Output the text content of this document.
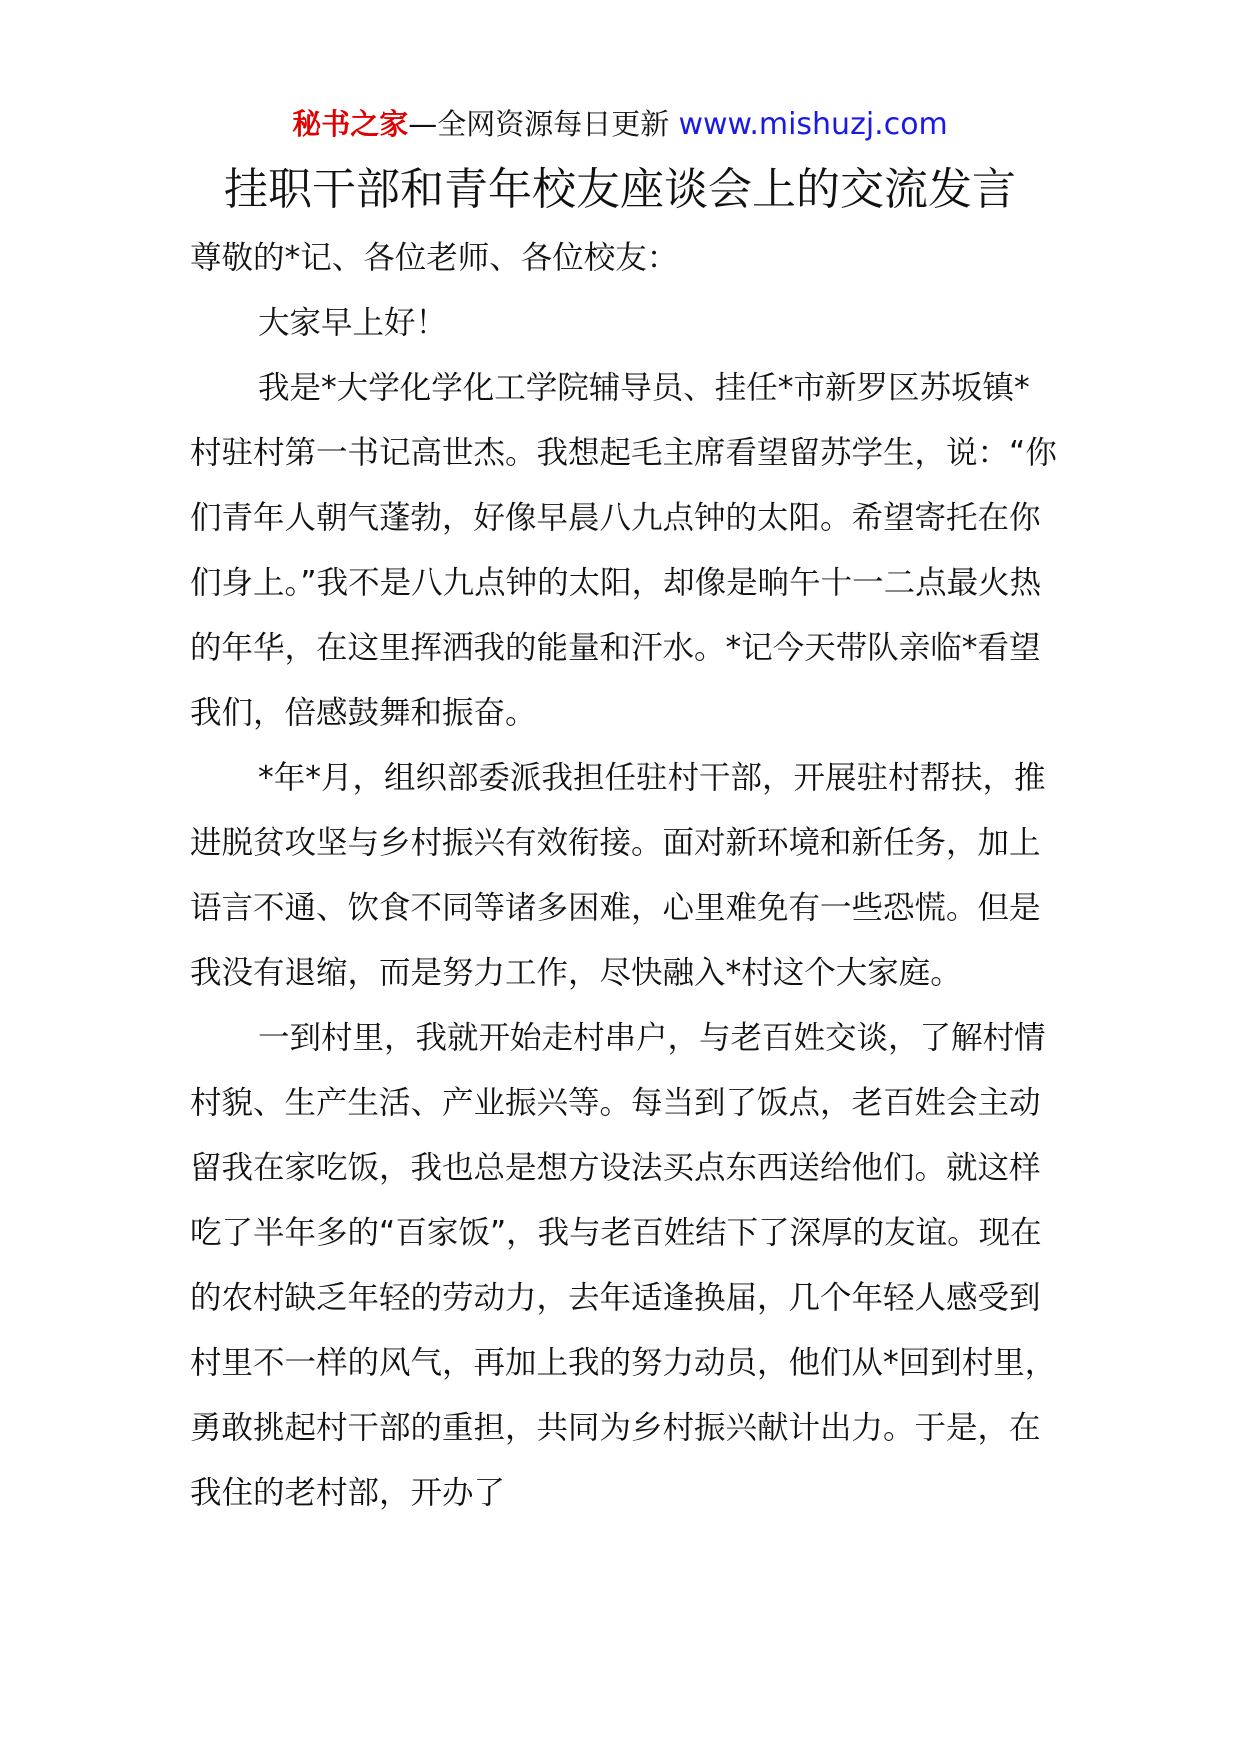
秘书之家—全网资源每日更新 www.mishuzj.com
挂职干部和青年校友座谈会上的交流发言

尊敬的*记、各位老师、各位校友：

大家早上好！

我是*大学化学化工学院辅导员、挂任*市新罗区苏坂镇*村驻村第一书记高世杰。我想起毛主席看望留苏学生，说：“你们青年人朝气蓬勃，好像早晨八九点钟的太阳。希望寄托在你们身上。”我不是八九点钟的太阳，却像是晌午十一二点最火热的年华，在这里挥洒我的能量和汗水。*记今天带队亲临*看望我们，倍感鼓舞和振奋。

*年*月，组织部委派我担任驻村干部，开展驻村帮扶，推进脱贫攻坚与乡村振兴有效衔接。面对新环境和新任务，加上语言不通、饮食不同等诸多困难，心里难免有一些恐慌。但是我没有退缩，而是努力工作，尽快融入*村这个大家庭。

一到村里，我就开始走村串户，与老百姓交谈，了解村情村貌、生产生活、产业振兴等。每当到了饭点，老百姓会主动留我在家吃饭，我也总是想方设法买点东西送给他们。就这样吃了半年多的“百家饭”，我与老百姓结下了深厚的友谊。现在的农村缺乏年轻的劳动力，去年适逢换届，几个年轻人感受到村里不一样的风气，再加上我的努力动员，他们从*回到村里，勇敢挑起村干部的重担，共同为乡村振兴献计出力。于是，在我住的老村部，开办了
